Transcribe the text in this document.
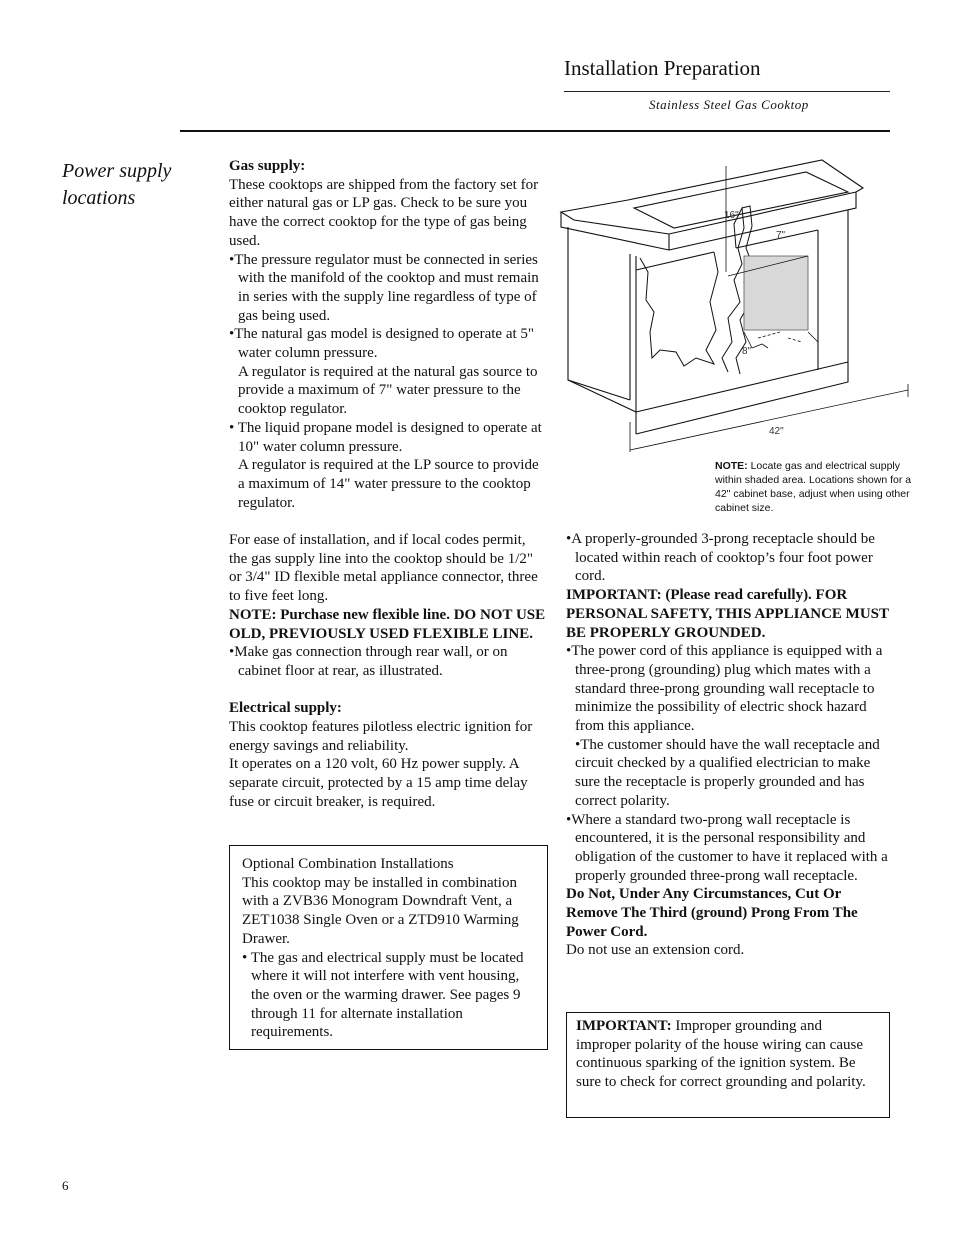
Installation Preparation
Stainless Steel Gas Cooktop
Power supply locations

Gas supply:

These cooktops are shipped from the factory set for either natural gas or LP gas. Check to be sure you have the correct cooktop for the type of gas being used.

•The pressure regulator must be connected in series with the manifold of the cooktop and must remain in series with the supply line regardless of type of gas being used.

•The natural gas model is designed to operate at 5" water column pressure.

A regulator is required at the natural gas source to provide a maximum of 7" water pressure to the cooktop regulator.

• The liquid propane model is designed to operate at 10" water column pressure.

A regulator is required at the LP source to provide a maximum of 14" water pressure to the cooktop regulator.

For ease of installation, and if local codes permit, the gas supply line into the cooktop should be 1/2" or 3/4" ID flexible metal appliance connector, three to five feet long.

NOTE: Purchase new flexible line. DO NOT USE OLD, PREVIOUSLY USED FLEXIBLE LINE.

•Make gas connection through rear wall, or on cabinet floor at rear, as illustrated.

Electrical supply:

This cooktop features pilotless electric ignition for energy savings and reliability.

It operates on a 120 volt, 60 Hz power supply. A separate circuit, protected by a 15 amp time delay fuse or circuit breaker, is required.

Optional Combination Installations

This cooktop may be installed in combination with a ZVB36 Monogram Downdraft Vent, a ZET1038 Single Oven or a ZTD910 Warming Drawer.

• The gas and electrical supply must be located where it will not interfere with vent housing, the oven or the warming drawer. See pages 9 through 11 for alternate installation requirements.

16"
7"
8"
42"
NOTE: Locate gas and electrical supply within shaded area. Locations shown for a 42" cabinet base, adjust when using other cabinet size.

•A properly-grounded 3-prong receptacle should be located within reach of cooktop’s four foot power cord.

IMPORTANT: (Please read carefully). FOR PERSONAL SAFETY, THIS APPLIANCE MUST BE PROPERLY GROUNDED.

•The power cord of this appliance is equipped with a three-prong (grounding) plug which mates with a standard three-prong grounding wall receptacle to minimize the possibility of electric shock hazard from this appliance.

•The customer should have the wall receptacle and circuit checked by a qualified electrician to make sure the receptacle is properly grounded and has correct polarity.

•Where a standard two-prong wall receptacle is encountered, it is the personal responsibility and obligation of the customer to have it replaced with a properly grounded three-prong wall receptacle.

Do Not, Under Any Circumstances, Cut Or Remove The Third (ground) Prong From The Power Cord.

Do not use an extension cord.

IMPORTANT: Improper grounding and improper polarity of the house wiring can cause continuous sparking of the ignition system. Be sure to check for correct grounding and polarity.

6
